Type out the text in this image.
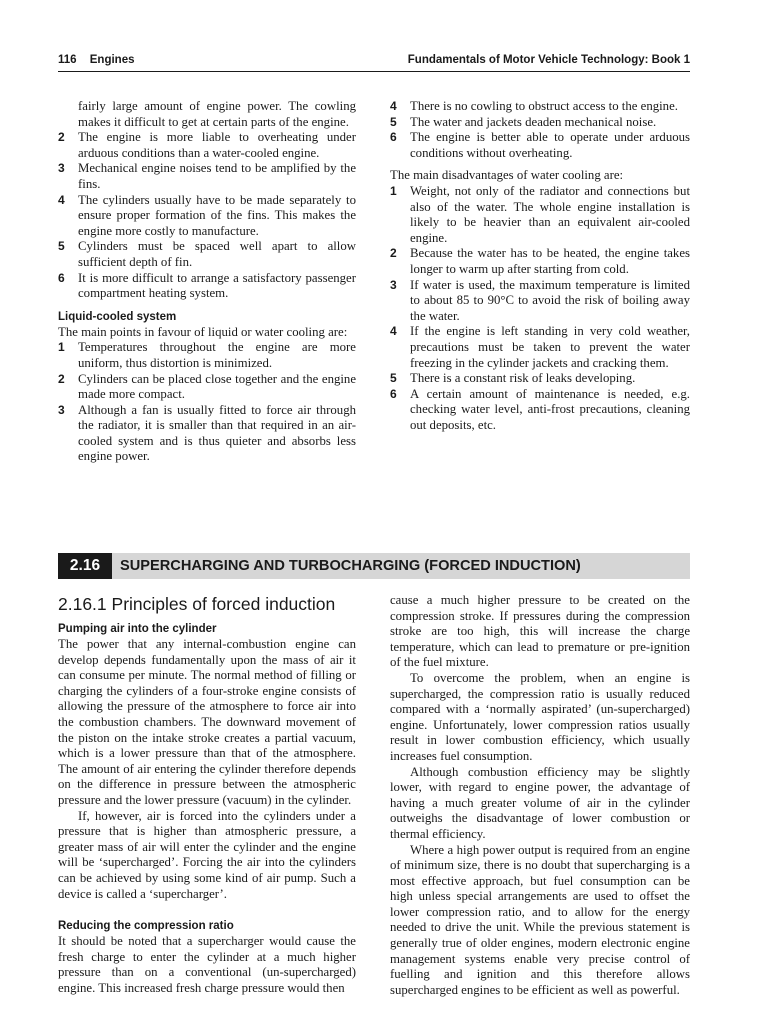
116 Engines	Fundamentals of Motor Vehicle Technology: Book 1

fairly large amount of engine power. The cowling makes it difficult to get at certain parts of the engine.

2 The engine is more liable to overheating under arduous conditions than a water-cooled engine.
3 Mechanical engine noises tend to be amplified by the fins.
4 The cylinders usually have to be made separately to ensure proper formation of the fins. This makes the engine more costly to manufacture.
5 Cylinders must be spaced well apart to allow sufficient depth of fin.
6 It is more difficult to arrange a satisfactory passenger compartment heating system.
Liquid-cooled system

The main points in favour of liquid or water cooling are:

1 Temperatures throughout the engine are more uniform, thus distortion is minimized.
2 Cylinders can be placed close together and the engine made more compact.
3 Although a fan is usually fitted to force air through the radiator, it is smaller than that required in an air-cooled system and is thus quieter and absorbs less engine power.
4 There is no cowling to obstruct access to the engine.
5 The water and jackets deaden mechanical noise.
6 The engine is better able to operate under arduous conditions without overheating.

The main disadvantages of water cooling are:

1 Weight, not only of the radiator and connections but also of the water. The whole engine installation is likely to be heavier than an equivalent air-cooled engine.
2 Because the water has to be heated, the engine takes longer to warm up after starting from cold.
3 If water is used, the maximum temperature is limited to about 85 to 90°C to avoid the risk of boiling away the water.
4 If the engine is left standing in very cold weather, precautions must be taken to prevent the water freezing in the cylinder jackets and cracking them.
5 There is a constant risk of leaks developing.
6 A certain amount of maintenance is needed, e.g. checking water level, anti-frost precautions, cleaning out deposits, etc.
2.16	SUPERCHARGING AND TURBOCHARGING (FORCED INDUCTION)
2.16.1 Principles of forced induction
Pumping air into the cylinder

The power that any internal-combustion engine can develop depends fundamentally upon the mass of air it can consume per minute. The normal method of filling or charging the cylinders of a four-stroke engine consists of allowing the pressure of the atmosphere to force air into the combustion chambers. The downward movement of the piston on the intake stroke creates a partial vacuum, which is a lower pressure than that of the atmosphere. The amount of air entering the cylinder therefore depends on the difference in pressure between the atmospheric pressure and the lower pressure (vacuum) in the cylinder.

If, however, air is forced into the cylinders under a pressure that is higher than atmospheric pressure, a greater mass of air will enter the cylinder and the engine will be ‘supercharged’. Forcing the air into the cylinders can be achieved by using some kind of air pump. Such a device is called a ‘supercharger’.

Reducing the compression ratio

It should be noted that a supercharger would cause the fresh charge to enter the cylinder at a much higher pressure than on a conventional (un-supercharged) engine. This increased fresh charge pressure would then

cause a much higher pressure to be created on the compression stroke. If pressures during the compression stroke are too high, this will increase the charge temperature, which can lead to premature or pre-ignition of the fuel mixture.

To overcome the problem, when an engine is supercharged, the compression ratio is usually reduced compared with a ‘normally aspirated’ (un-supercharged) engine. Unfortunately, lower compression ratios usually result in lower combustion efficiency, which usually increases fuel consumption.

Although combustion efficiency may be slightly lower, with regard to engine power, the advantage of having a much greater volume of air in the cylinder outweighs the disadvantage of lower combustion or thermal efficiency.

Where a high power output is required from an engine of minimum size, there is no doubt that supercharging is a most effective approach, but fuel consumption can be high unless special arrangements are used to offset the lower compression ratio, and to allow for the energy needed to drive the unit. While the previous statement is generally true of older engines, modern electronic engine management systems enable very precise control of fuelling and ignition and this therefore allows supercharged engines to be efficient as well as powerful.
